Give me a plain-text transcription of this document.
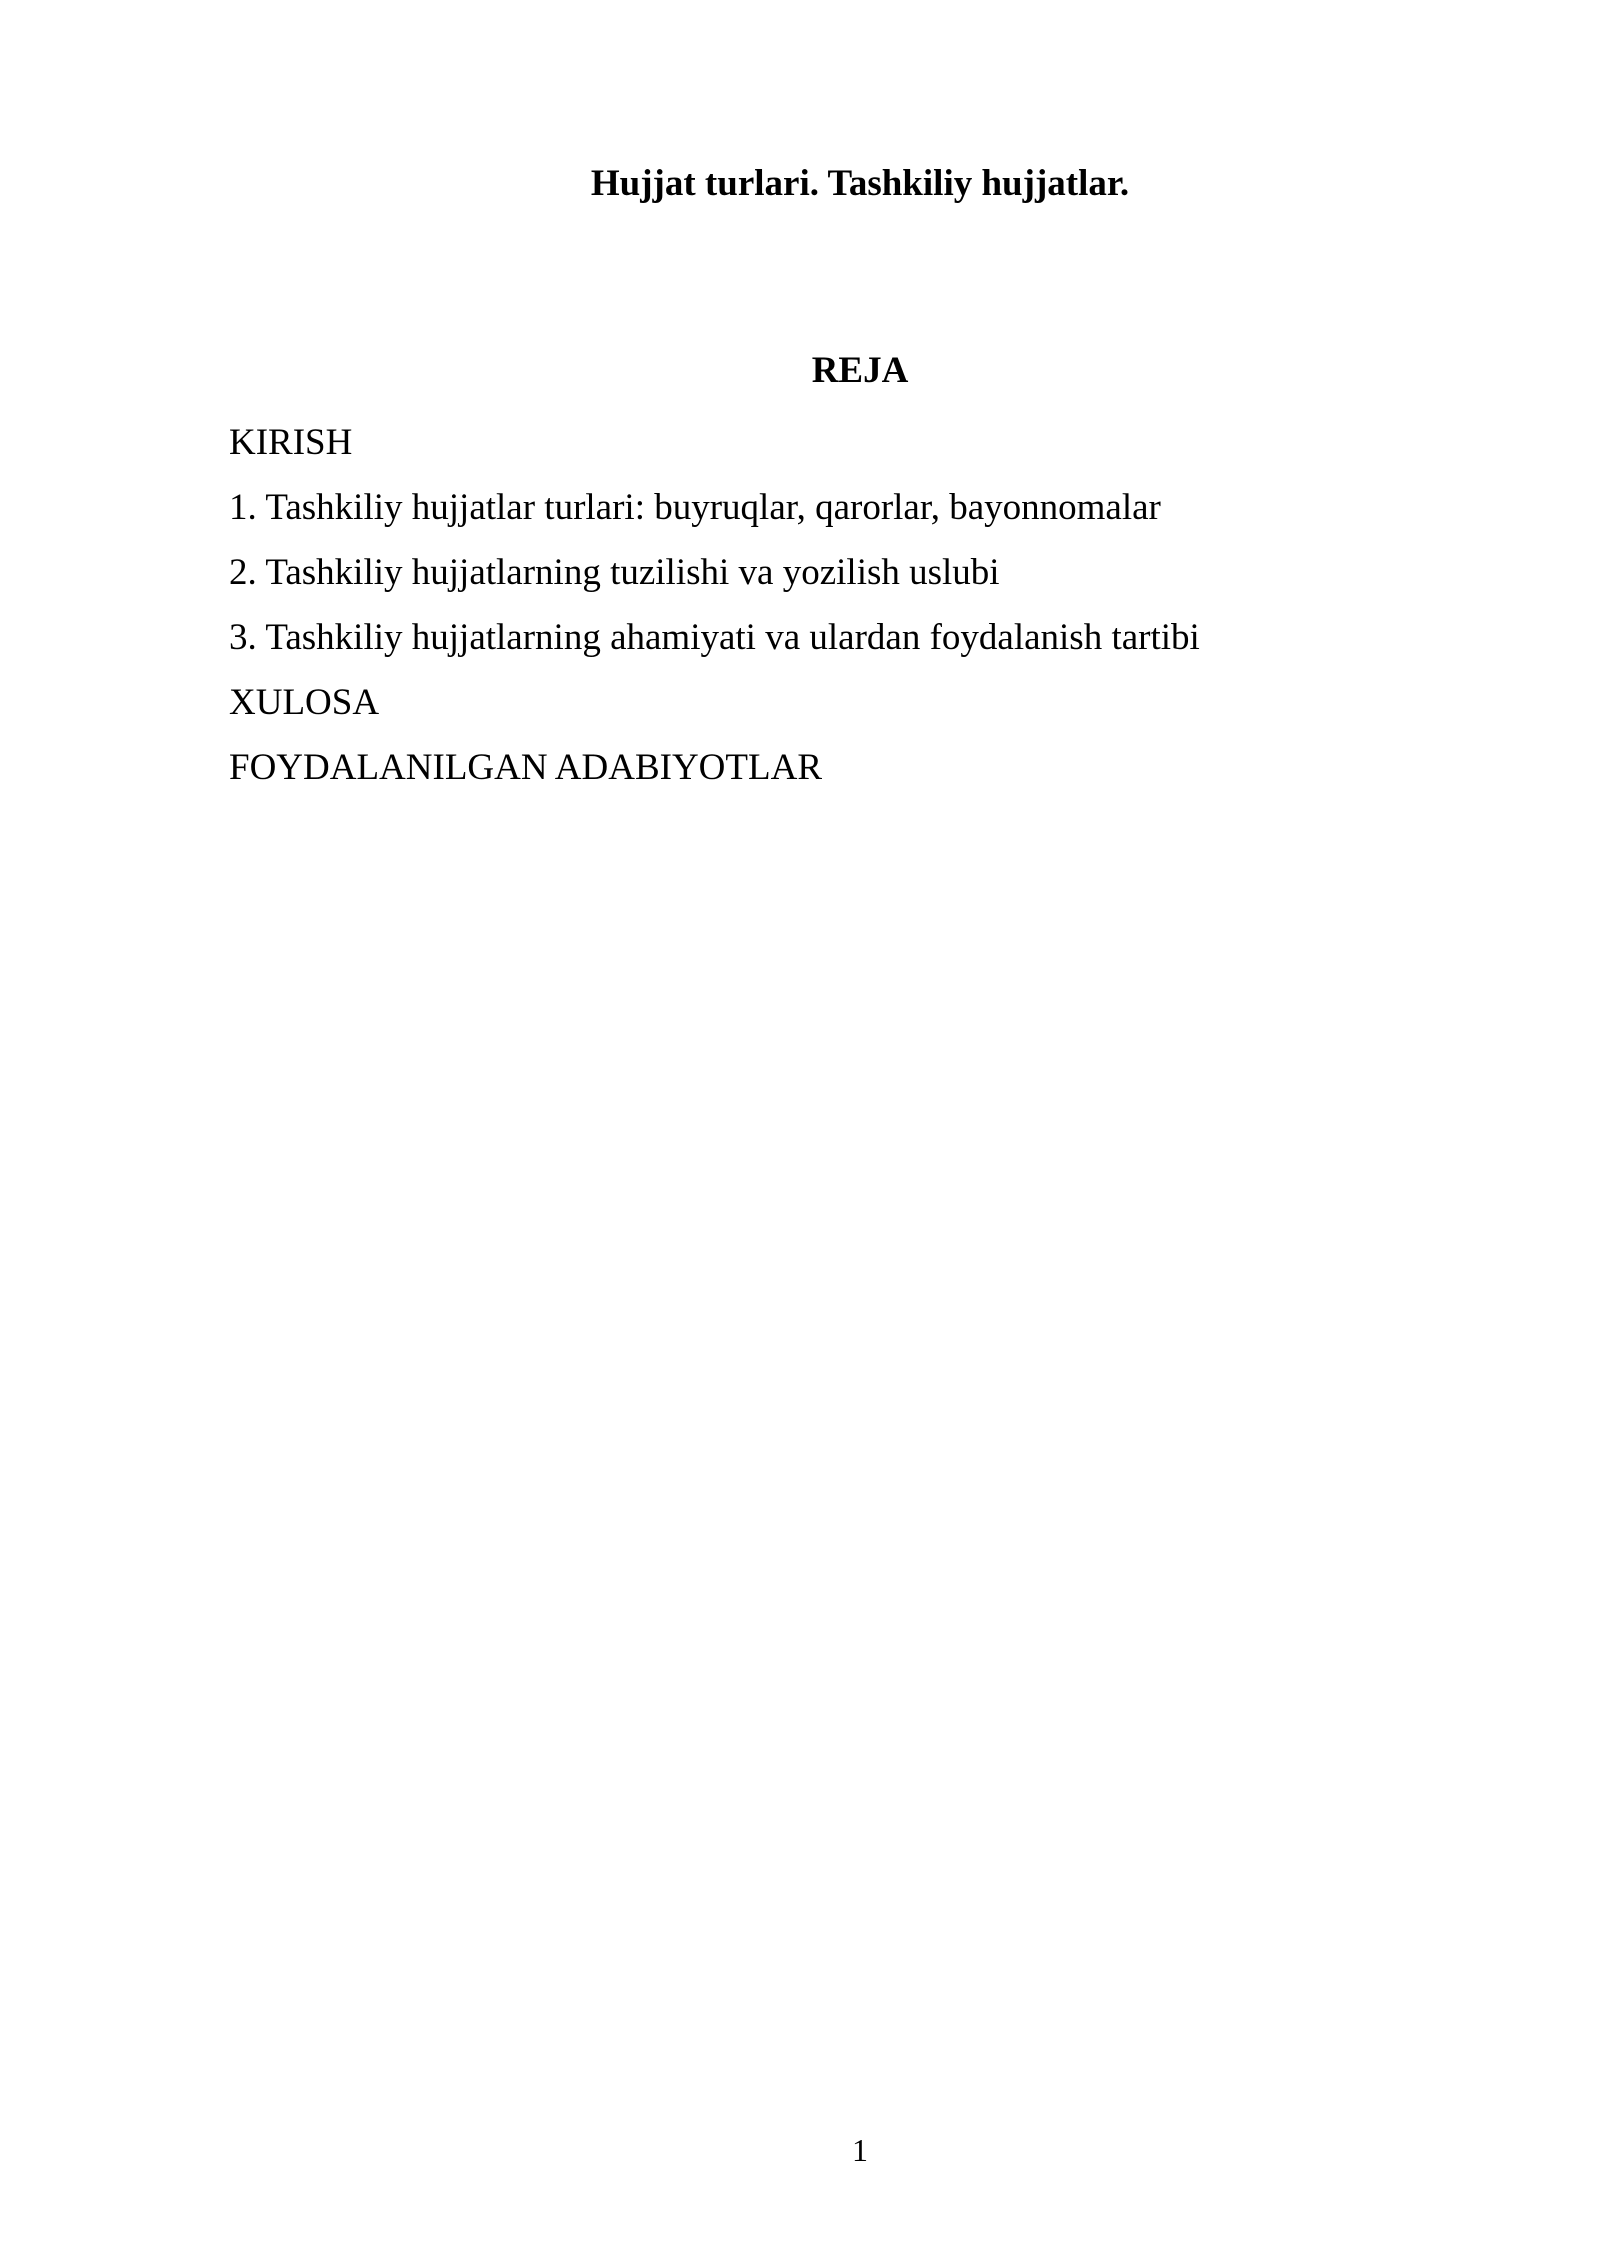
Hujjat turlari. Tashkiliy hujjatlar.
REJA
KIRISH
1. Tashkiliy hujjatlar turlari: buyruqlar, qarorlar, bayonnomalar
2. Tashkiliy hujjatlarning tuzilishi va yozilish uslubi
3. Tashkiliy hujjatlarning ahamiyati va ulardan foydalanish tartibi
XULOSA
FOYDALANILGAN ADABIYOTLAR
1
